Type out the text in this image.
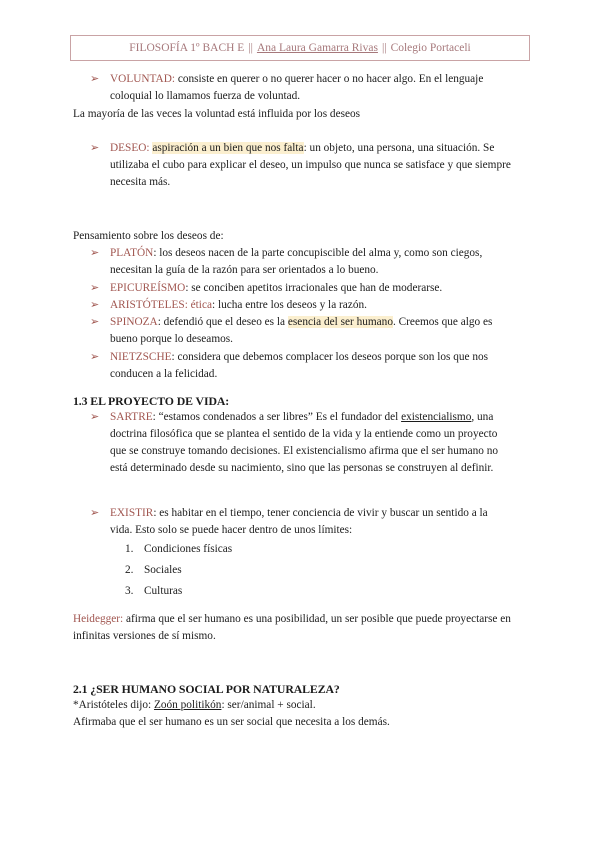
FILOSOFÍA 1º BACH E || Ana Laura Gamarra Rivas || Colegio Portaceli
➢ VOLUNTAD: consiste en querer o no querer hacer o no hacer algo. En el lenguaje
coloquial lo llamamos fuerza de voluntad.
La mayoría de las veces la voluntad está influida por los deseos
➢ DESEO: aspiración a un bien que nos falta: un objeto, una persona, una situación. Se
utilizaba el cubo para explicar el deseo, un impulso que nunca se satisface y que siempre
necesita más.
Pensamiento sobre los deseos de:
➢ PLATÓN: los deseos nacen de la parte concupiscible del alma y, como son ciegos,
necesitan la guía de la razón para ser orientados a lo bueno.
➢ EPICUREÍSMO: se conciben apetitos irracionales que han de moderarse.
➢ ARISTÓTELES: ética: lucha entre los deseos y la razón.
➢ SPINOZA: defendió que el deseo es la esencia del ser humano. Creemos que algo es
bueno porque lo deseamos.
➢ NIETZSCHE: considera que debemos complacer los deseos porque son los que nos
conducen a la felicidad.
1.3 EL PROYECTO DE VIDA:
➢ SARTRE: “estamos condenados a ser libres” Es el fundador del existencialismo, una
doctrina filosófica que se plantea el sentido de la vida y la entiende como un proyecto
que se construye tomando decisiones. El existencialismo afirma que el ser humano no
está determinado desde su nacimiento, sino que las personas se construyen al definir.
➢ EXISTIR: es habitar en el tiempo, tener conciencia de vivir y buscar un sentido a la
vida. Esto solo se puede hacer dentro de unos límites:
1. Condiciones físicas
2. Sociales
3. Culturas
Heidegger: afirma que el ser humano es una posibilidad, un ser posible que puede proyectarse en
infinitas versiones de sí mismo.
2.1 ¿SER HUMANO SOCIAL POR NATURALEZA?
*Aristóteles dijo: Zoón politikón: ser/animal + social.
Afirmaba que el ser humano es un ser social que necesita a los demás.
